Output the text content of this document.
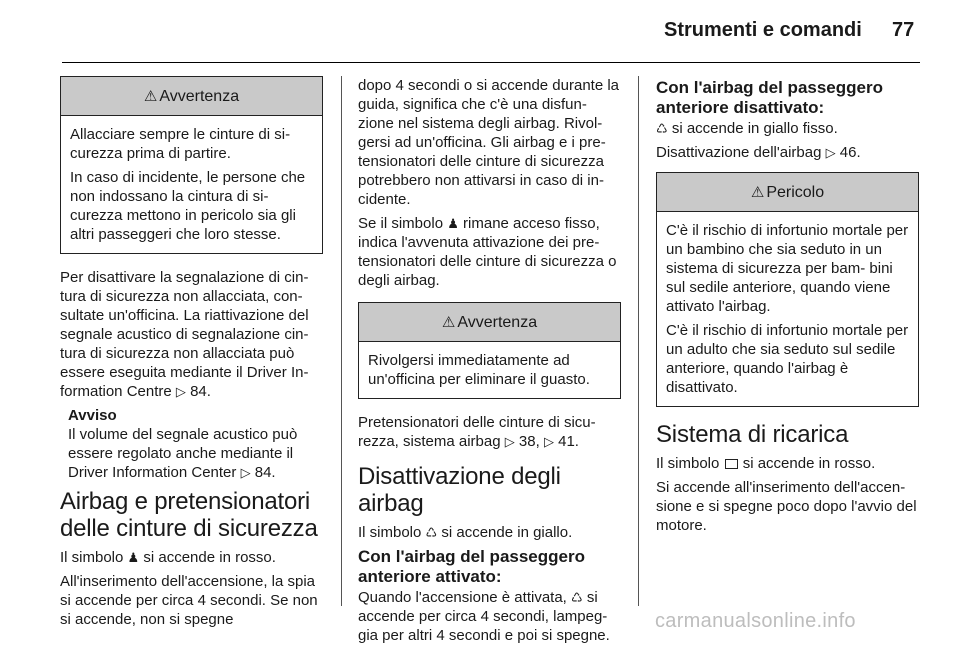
Strumenti e comandi 77
⚠ Avvertenza

Allacciare sempre le cinture di si- curezza prima di partire.

In caso di incidente, le persone che non indossano la cintura di si- curezza mettono in pericolo sia gli altri passeggeri che loro stesse.

Per disattivare la segnalazione di cin- tura di sicurezza non allacciata, con- sultate un'officina. La riattivazione del segnale acustico di segnalazione cin- tura di sicurezza non allacciata può essere eseguita mediante il Driver In- formation Centre ▷ 84.

Avviso

Il volume del segnale acustico può essere regolato anche mediante il Driver Information Center ▷ 84.

Airbag e pretensionatori delle cinture di sicurezza

Il simbolo ♟ si accende in rosso.

All'inserimento dell'accensione, la spia si accende per circa 4 secondi. Se non si accende, non si spegne

dopo 4 secondi o si accende durante la guida, significa che c'è una disfun- zione nel sistema degli airbag. Rivol- gersi ad un'officina. Gli airbag e i pre- tensionatori delle cinture di sicurezza potrebbero non attivarsi in caso di in- cidente.

Se il simbolo ♟ rimane acceso fisso, indica l'avvenuta attivazione dei pre- tensionatori delle cinture di sicurezza o degli airbag.

⚠ Avvertenza

Rivolgersi immediatamente ad un'officina per eliminare il guasto.

Pretensionatori delle cinture di sicu- rezza, sistema airbag ▷ 38, ▷ 41.

Disattivazione degli airbag

Il simbolo ♺ si accende in giallo.

Con l'airbag del passeggero anteriore attivato:

Quando l'accensione è attivata, ♺ si accende per circa 4 secondi, lampeg- gia per altri 4 secondi e poi si spegne.

Con l'airbag del passeggero anteriore disattivato:

♺ si accende in giallo fisso.

Disattivazione dell'airbag ▷ 46.

⚠ Pericolo

C'è il rischio di infortunio mortale per un bambino che sia seduto in un sistema di sicurezza per bam- bini sul sedile anteriore, quando viene attivato l'airbag.

C'è il rischio di infortunio mortale per un adulto che sia seduto sul sedile anteriore, quando l'airbag è disattivato.

Sistema di ricarica

Il simbolo  si accende in rosso.

Si accende all'inserimento dell'accen- sione e si spegne poco dopo l'avvio del motore.

carmanualsonline.info
